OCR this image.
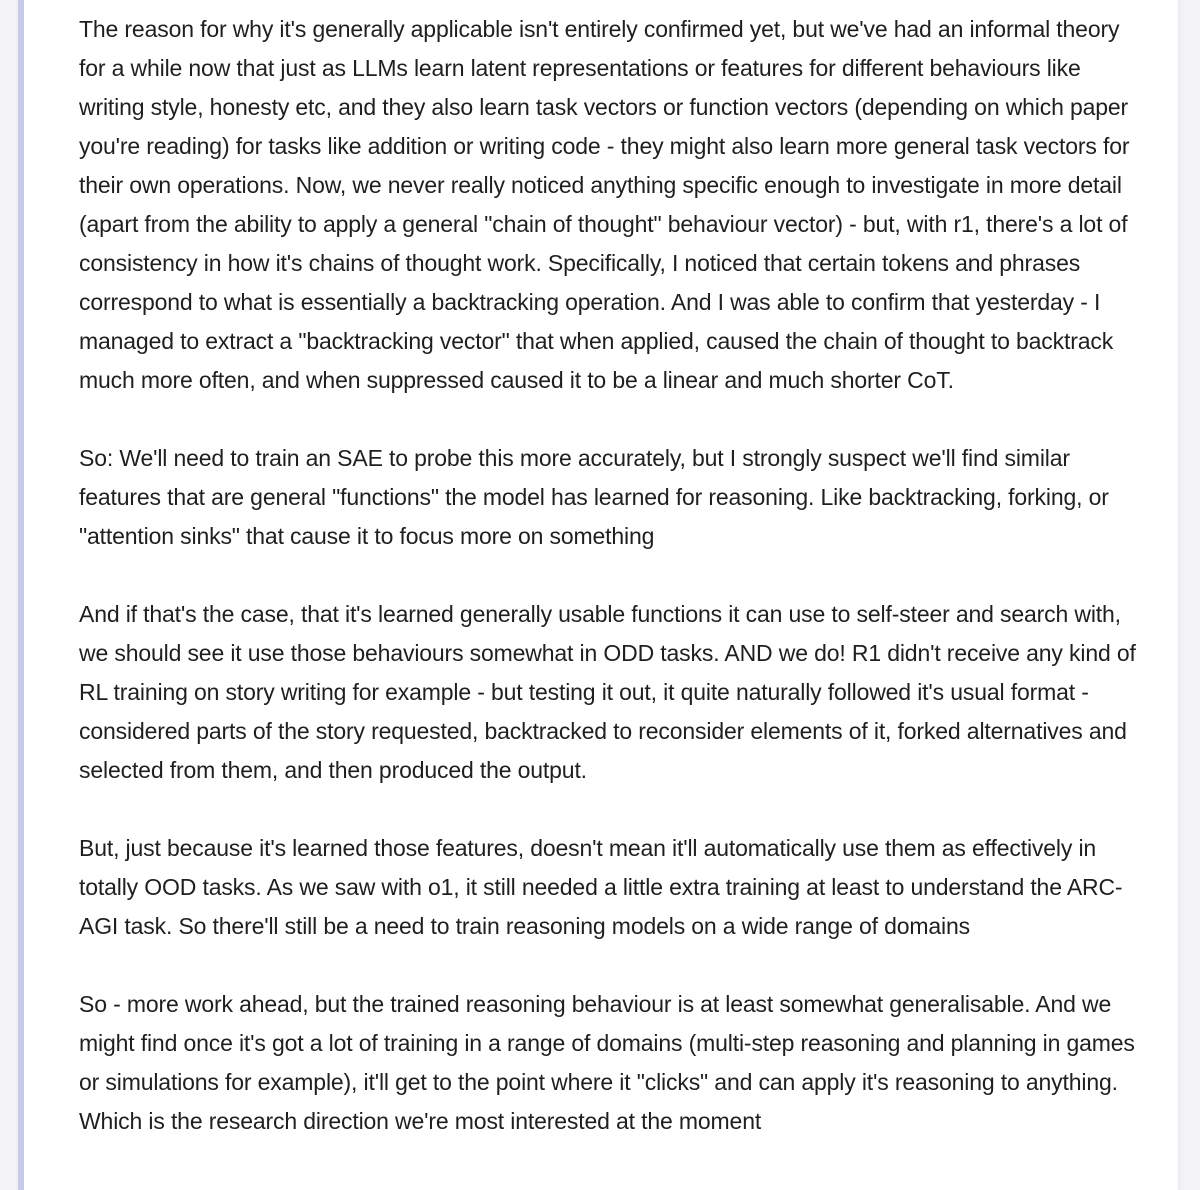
The reason for why it's generally applicable isn't entirely confirmed yet, but we've had an informal theory for a while now that just as LLMs learn latent representations or features for different behaviours like writing style, honesty etc, and they also learn task vectors or function vectors (depending on which paper you're reading) for tasks like addition or writing code - they might also learn more general task vectors for their own operations. Now, we never really noticed anything specific enough to investigate in more detail (apart from the ability to apply a general "chain of thought" behaviour vector) - but, with r1, there's a lot of consistency in how it's chains of thought work. Specifically, I noticed that certain tokens and phrases correspond to what is essentially a backtracking operation. And I was able to confirm that yesterday - I managed to extract a "backtracking vector" that when applied, caused the chain of thought to backtrack much more often, and when suppressed caused it to be a linear and much shorter CoT.

So: We'll need to train an SAE to probe this more accurately, but I strongly suspect we'll find similar features that are general "functions" the model has learned for reasoning. Like backtracking, forking, or "attention sinks" that cause it to focus more on something

And if that's the case, that it's learned generally usable functions it can use to self-steer and search with, we should see it use those behaviours somewhat in ODD tasks. AND we do! R1 didn't receive any kind of RL training on story writing for example - but testing it out, it quite naturally followed it's usual format -  considered parts of the story requested, backtracked to reconsider elements of it, forked alternatives and selected from them, and then produced the output.

But, just because it's learned those features, doesn't mean it'll automatically use them as effectively in totally OOD tasks. As we saw with o1, it still needed a little extra training at least to understand the ARC-AGI task. So there'll still be a need to train reasoning models on a wide range of domains

So - more work ahead, but the trained reasoning behaviour is at least somewhat generalisable. And we might find once it's got a lot of training in a range of domains (multi-step reasoning and planning in games or simulations for example), it'll get to the point where it "clicks" and can apply it's reasoning to anything. Which is the research direction we're most interested at the moment
